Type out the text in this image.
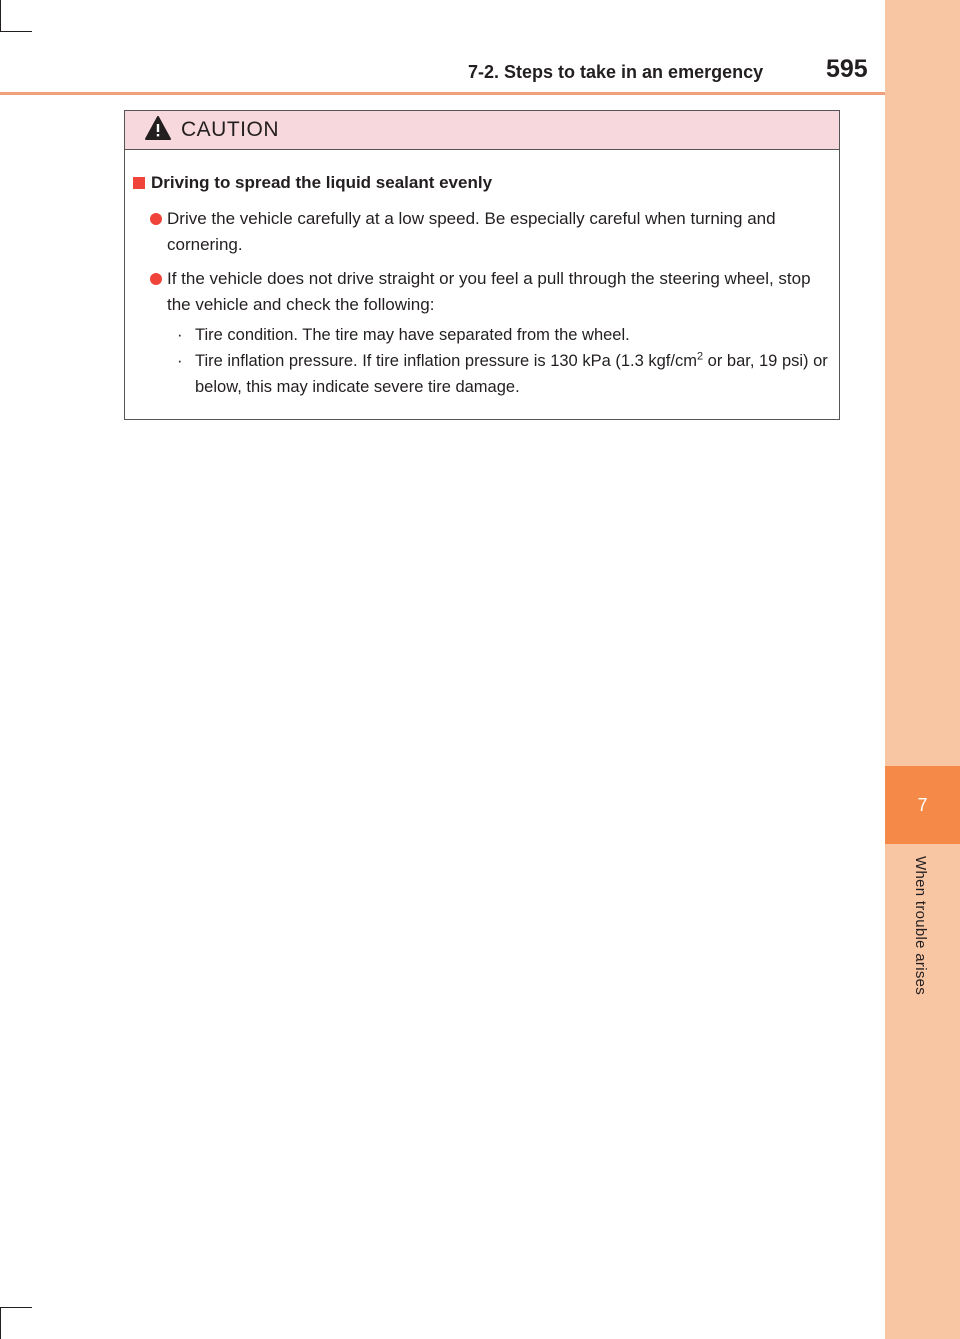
7
When trouble arises
7-2. Steps to take in an emergency	595
CAUTION
Driving to spread the liquid sealant evenly
Drive the vehicle carefully at a low speed. Be especially careful when turning and cornering.
If the vehicle does not drive straight or you feel a pull through the steering wheel, stop the vehicle and check the following:
· Tire condition. The tire may have separated from the wheel.
· Tire inflation pressure. If tire inflation pressure is 130 kPa (1.3 kgf/$cm^2$ or bar, 19 psi) or below, this may indicate severe tire damage.
